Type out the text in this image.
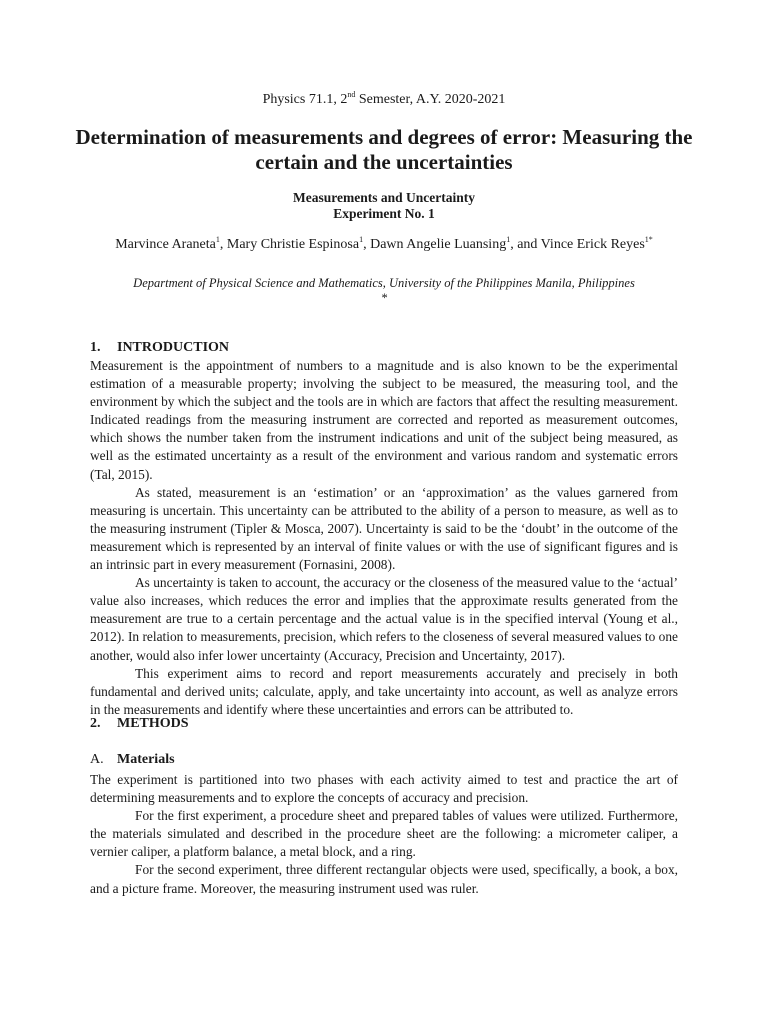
Physics 71.1, 2nd Semester, A.Y. 2020-2021
Determination of measurements and degrees of error: Measuring the certain and the uncertainties
Measurements and Uncertainty
Experiment No. 1
Marvince Araneta$^1$, Mary Christie Espinosa$^1$, Dawn Angelie Luansing$^1$, and Vince Erick Reyes$^{1*}$
Department of Physical Science and Mathematics, University of the Philippines Manila, Philippines
*
1. INTRODUCTION

Measurement is the appointment of numbers to a magnitude and is also known to be the experimental estimation of a measurable property; involving the subject to be measured, the measuring tool, and the environment by which the subject and the tools are in which are factors that affect the resulting measurement. Indicated readings from the measuring instrument are corrected and reported as measurement outcomes, which shows the number taken from the instrument indications and unit of the subject being measured, as well as the estimated uncertainty as a result of the environment and various random and systematic errors (Tal, 2015).

As stated, measurement is an ‘estimation’ or an ‘approximation’ as the values garnered from measuring is uncertain. This uncertainty can be attributed to the ability of a person to measure, as well as to the measuring instrument (Tipler & Mosca, 2007). Uncertainty is said to be the ‘doubt’ in the outcome of the measurement which is represented by an interval of finite values or with the use of significant figures and is an intrinsic part in every measurement (Fornasini, 2008).

As uncertainty is taken to account, the accuracy or the closeness of the measured value to the ‘actual’ value also increases, which reduces the error and implies that the approximate results generated from the measurement are true to a certain percentage and the actual value is in the specified interval (Young et al., 2012). In relation to measurements, precision, which refers to the closeness of several measured values to one another, would also infer lower uncertainty (Accuracy, Precision and Uncertainty, 2017).

This experiment aims to record and report measurements accurately and precisely in both fundamental and derived units; calculate, apply, and take uncertainty into account, as well as analyze errors in the measurements and identify where these uncertainties and errors can be attributed to.

2. METHODS
A. Materials

The experiment is partitioned into two phases with each activity aimed to test and practice the art of determining measurements and to explore the concepts of accuracy and precision.

For the first experiment, a procedure sheet and prepared tables of values were utilized. Furthermore, the materials simulated and described in the procedure sheet are the following: a micrometer caliper, a vernier caliper, a platform balance, a metal block, and a ring.

For the second experiment, three different rectangular objects were used, specifically, a book, a box, and a picture frame. Moreover, the measuring instrument used was ruler.
